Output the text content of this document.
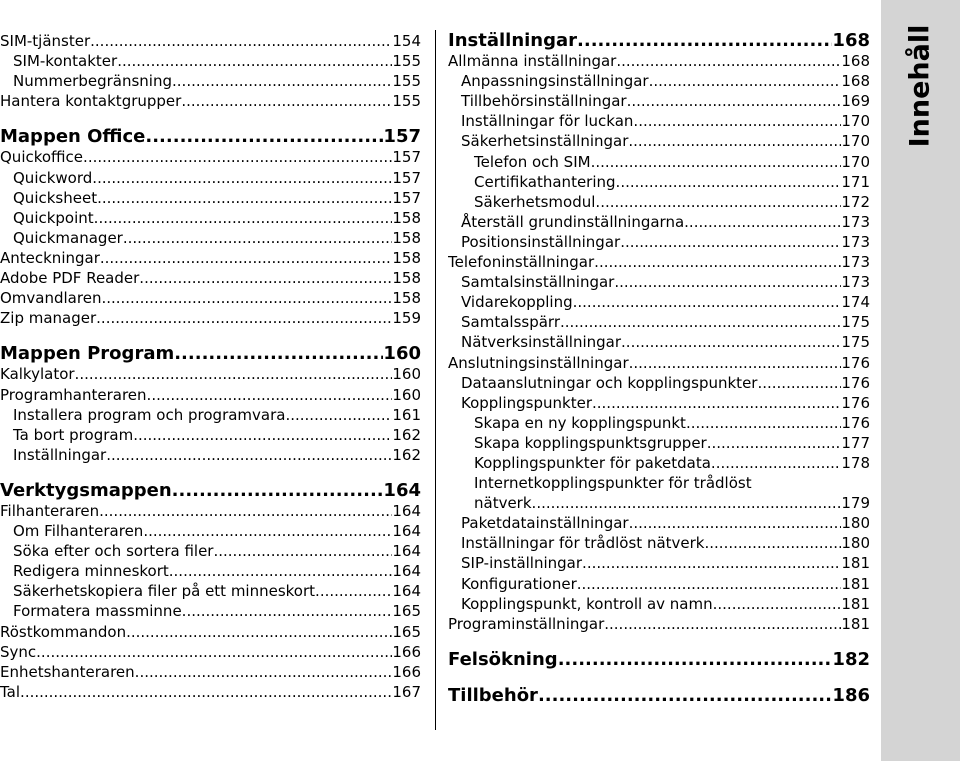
SIM-tjänster .....	154
SIM-kontakter .....	155
Nummerbegränsning .....	155
Hantera kontaktgrupper .....	155
Mappen Office .....	157
Quickoffice .....	157
Quickword .....	157
Quicksheet .....	157
Quickpoint .....	158
Quickmanager .....	158
Anteckningar .....	158
Adobe PDF Reader .....	158
Omvandlaren .....	158
Zip manager .....	159
Mappen Program .....	160
Kalkylator .....	160
Programhanteraren .....	160
Installera program och programvara .....	161
Ta bort program .....	162
Inställningar .....	162
Verktygsmappen .....	164
Filhanteraren .....	164
Om Filhanteraren .....	164
Söka efter och sortera filer .....	164
Redigera minneskort .....	164
Säkerhetskopiera filer på ett minneskort .....	164
Formatera massminne .....	165
Röstkommandon .....	165
Sync .....	166
Enhetshanteraren .....	166
Tal .....	167
Inställningar .....	168
Allmänna inställningar .....	168
Anpassningsinställningar .....	168
Tillbehörsinställningar .....	169
Inställningar för luckan .....	170
Säkerhetsinställningar .....	170
Telefon och SIM .....	170
Certifikathantering .....	171
Säkerhetsmodul .....	172
Återställ grundinställningarna .....	173
Positionsinställningar .....	173
Telefoninställningar .....	173
Samtalsinställningar .....	173
Vidarekoppling .....	174
Samtalsspärr .....	175
Nätverksinställningar .....	175
Anslutningsinställningar .....	176
Dataanslutningar och kopplingspunkter .....	176
Kopplingspunkter .....	176
Skapa en ny kopplingspunkt .....	176
Skapa kopplingspunktsgrupper .....	177
Kopplingspunkter för paketdata .....	178
Internetkopplingspunkter för trådlöst
nätverk .....	179
Paketdatainställningar .....	180
Inställningar för trådlöst nätverk .....	180
SIP-inställningar .....	181
Konfigurationer .....	181
Kopplingspunkt, kontroll av namn .....	181
Programinställningar .....	181
Felsökning .....	182
Tillbehör .....	186
Innehåll
